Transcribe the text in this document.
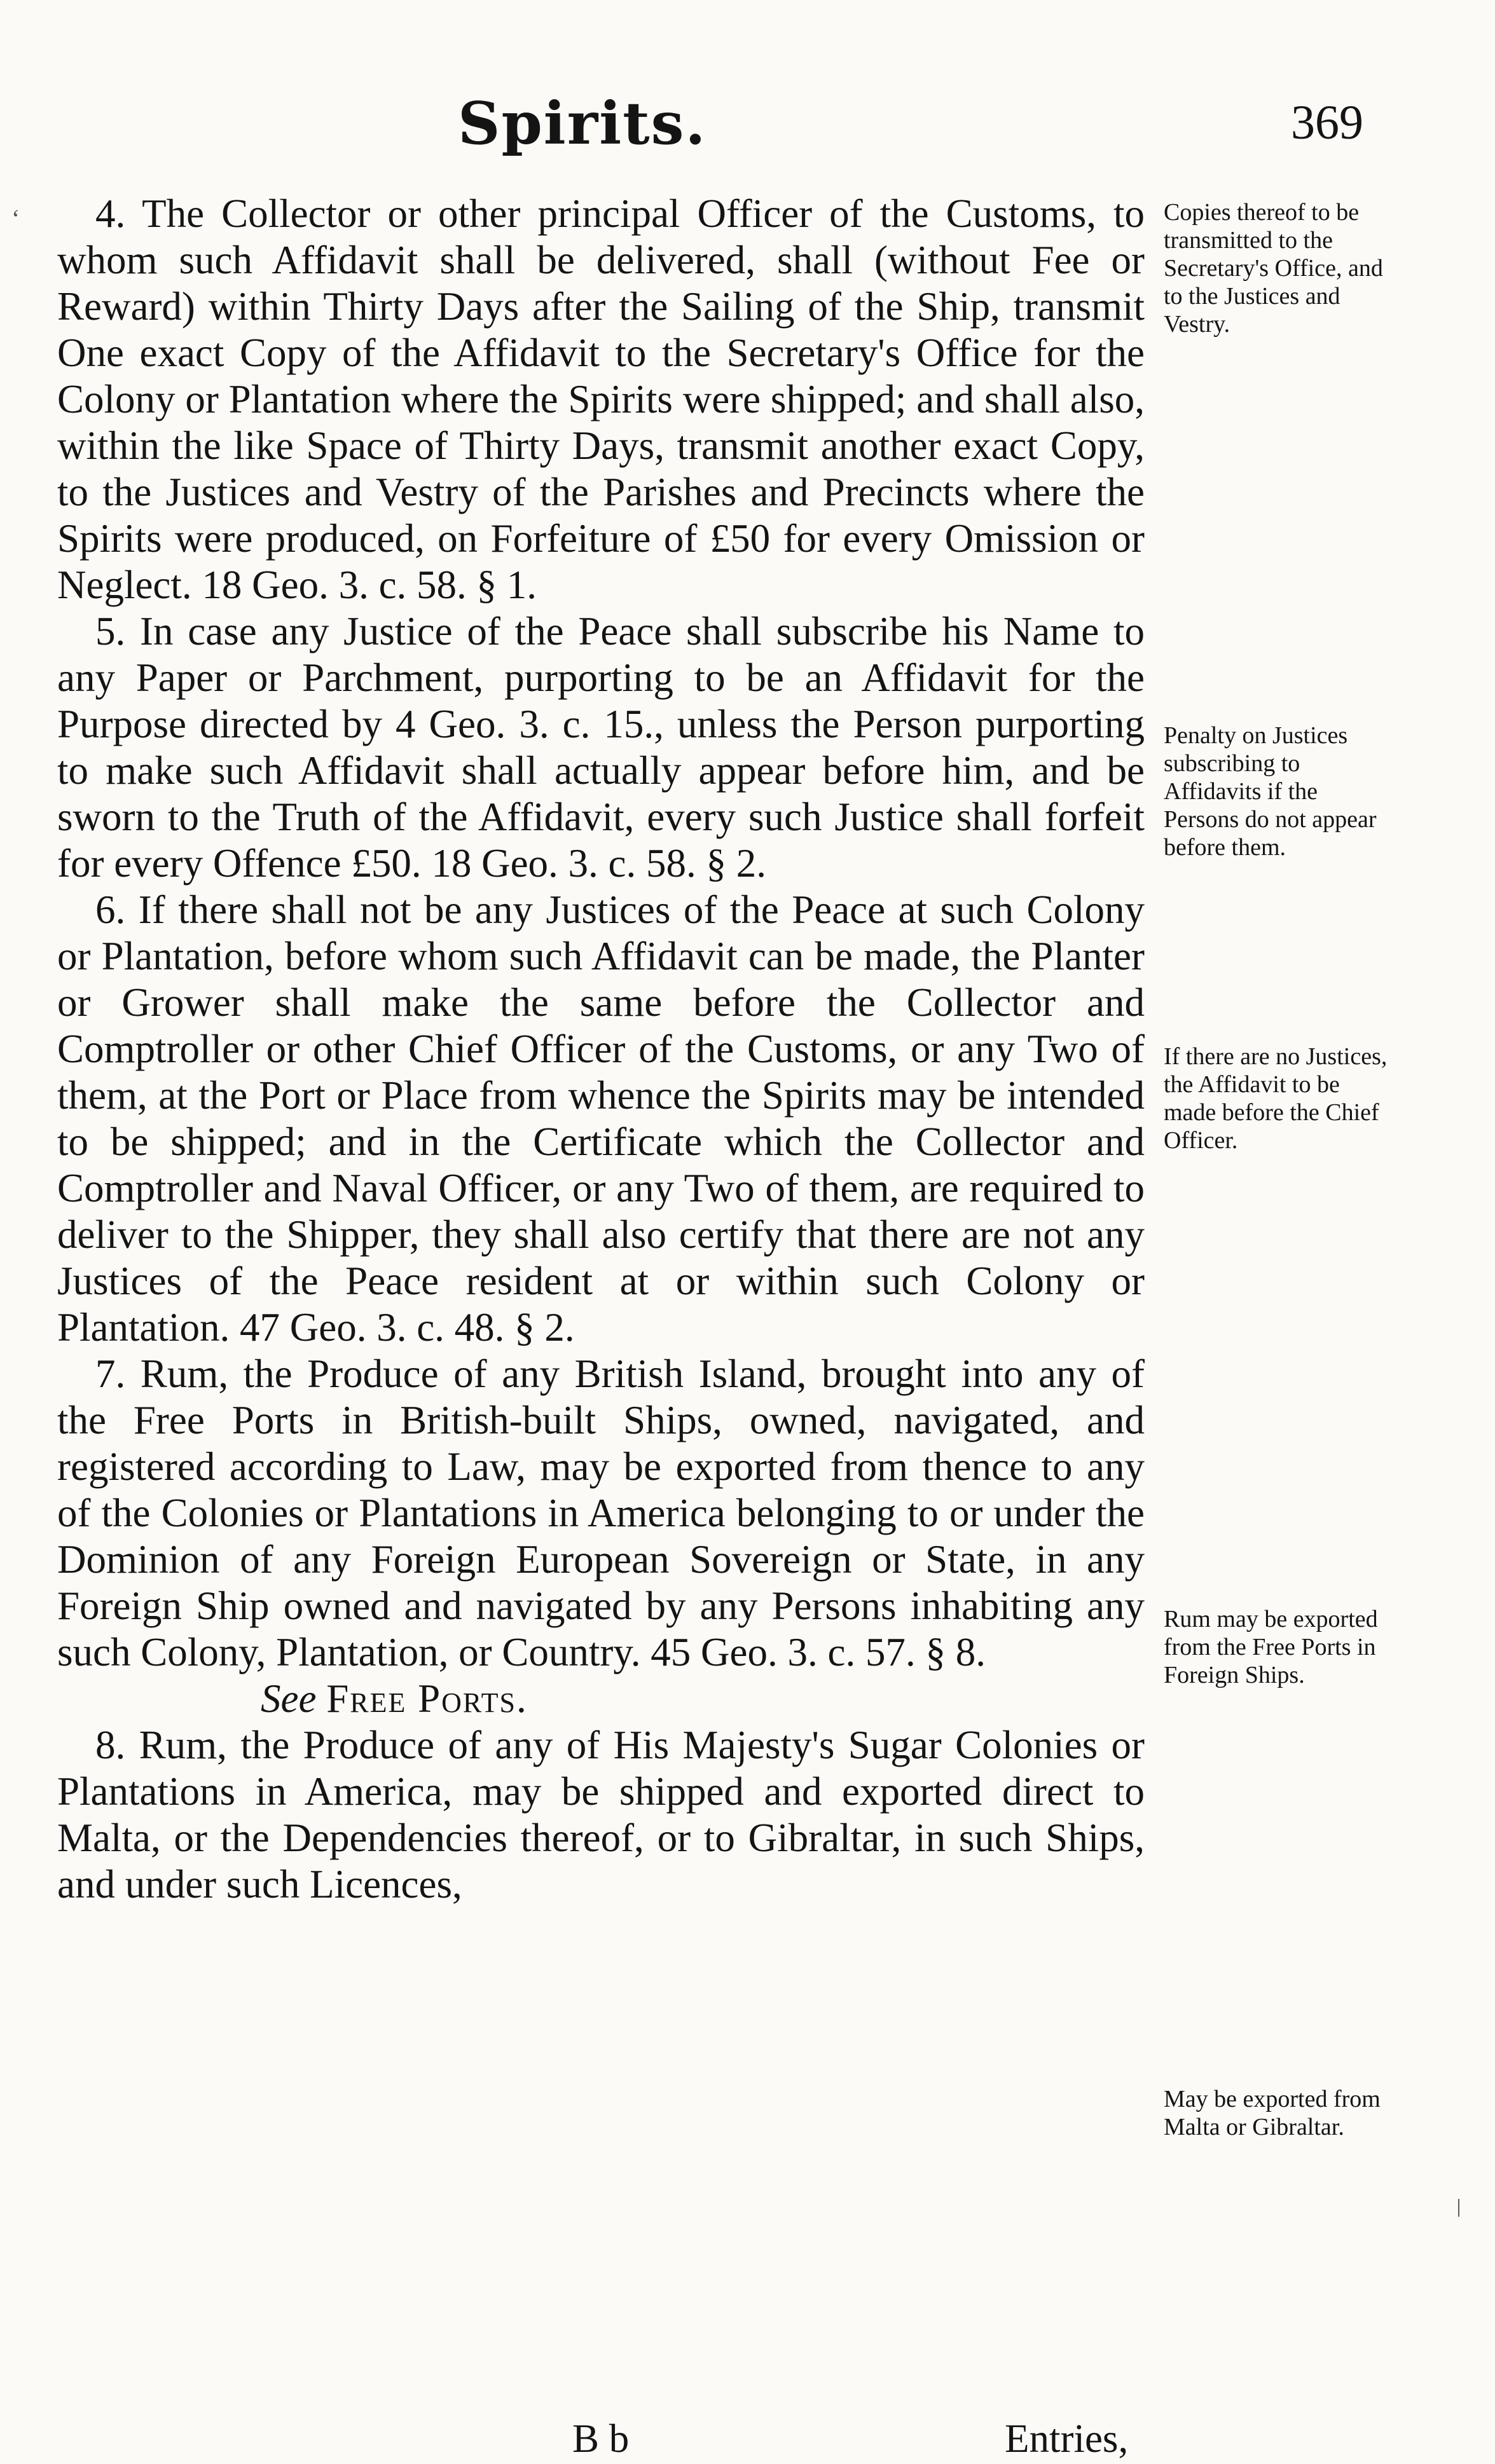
Spirits.	369

4. The Collector or other principal Officer of the Customs, to whom such Affidavit shall be delivered, shall (without Fee or Reward) within Thirty Days after the Sailing of the Ship, transmit One exact Copy of the Affidavit to the Secretary's Office for the Colony or Plantation where the Spirits were shipped; and shall also, within the like Space of Thirty Days, transmit another exact Copy, to the Justices and Vestry of the Parishes and Precincts where the Spirits were produced, on Forfeiture of £50 for every Omission or Neglect. 18 Geo. 3. c. 58. § 1.

5. In case any Justice of the Peace shall subscribe his Name to any Paper or Parchment, purporting to be an Affidavit for the Purpose directed by 4 Geo. 3. c. 15., unless the Person purporting to make such Affidavit shall actually appear before him, and be sworn to the Truth of the Affidavit, every such Justice shall forfeit for every Offence £50. 18 Geo. 3. c. 58. § 2.

6. If there shall not be any Justices of the Peace at such Colony or Plantation, before whom such Affidavit can be made, the Planter or Grower shall make the same before the Collector and Comptroller or other Chief Officer of the Customs, or any Two of them, at the Port or Place from whence the Spirits may be intended to be shipped; and in the Certificate which the Collector and Comptroller and Naval Officer, or any Two of them, are required to deliver to the Shipper, they shall also certify that there are not any Justices of the Peace resident at or within such Colony or Plantation. 47 Geo. 3. c. 48. § 2.

7. Rum, the Produce of any British Island, brought into any of the Free Ports in British-built Ships, owned, navigated, and registered according to Law, may be exported from thence to any of the Colonies or Plantations in America belonging to or under the Dominion of any Foreign European Sovereign or State, in any Foreign Ship owned and navigated by any Persons inhabiting any such Colony, Plantation, or Country. 45 Geo. 3. c. 57. § 8.

See Free Ports.

8. Rum, the Produce of any of His Majesty's Sugar Colonies or Plantations in America, may be shipped and exported direct to Malta, or the Dependencies thereof, or to Gibraltar, in such Ships, and under such Licences,

Copies thereof to be transmitted to the Secretary's Office, and to the Justices and Vestry.
Penalty on Justices subscribing to Affidavits if the Persons do not appear before them.
If there are no Justices, the Affidavit to be made before the Chief Officer.
Rum may be exported from the Free Ports in Foreign Ships.
May be exported from Malta or Gibraltar.
B b	Entries,
‘
ǀ
